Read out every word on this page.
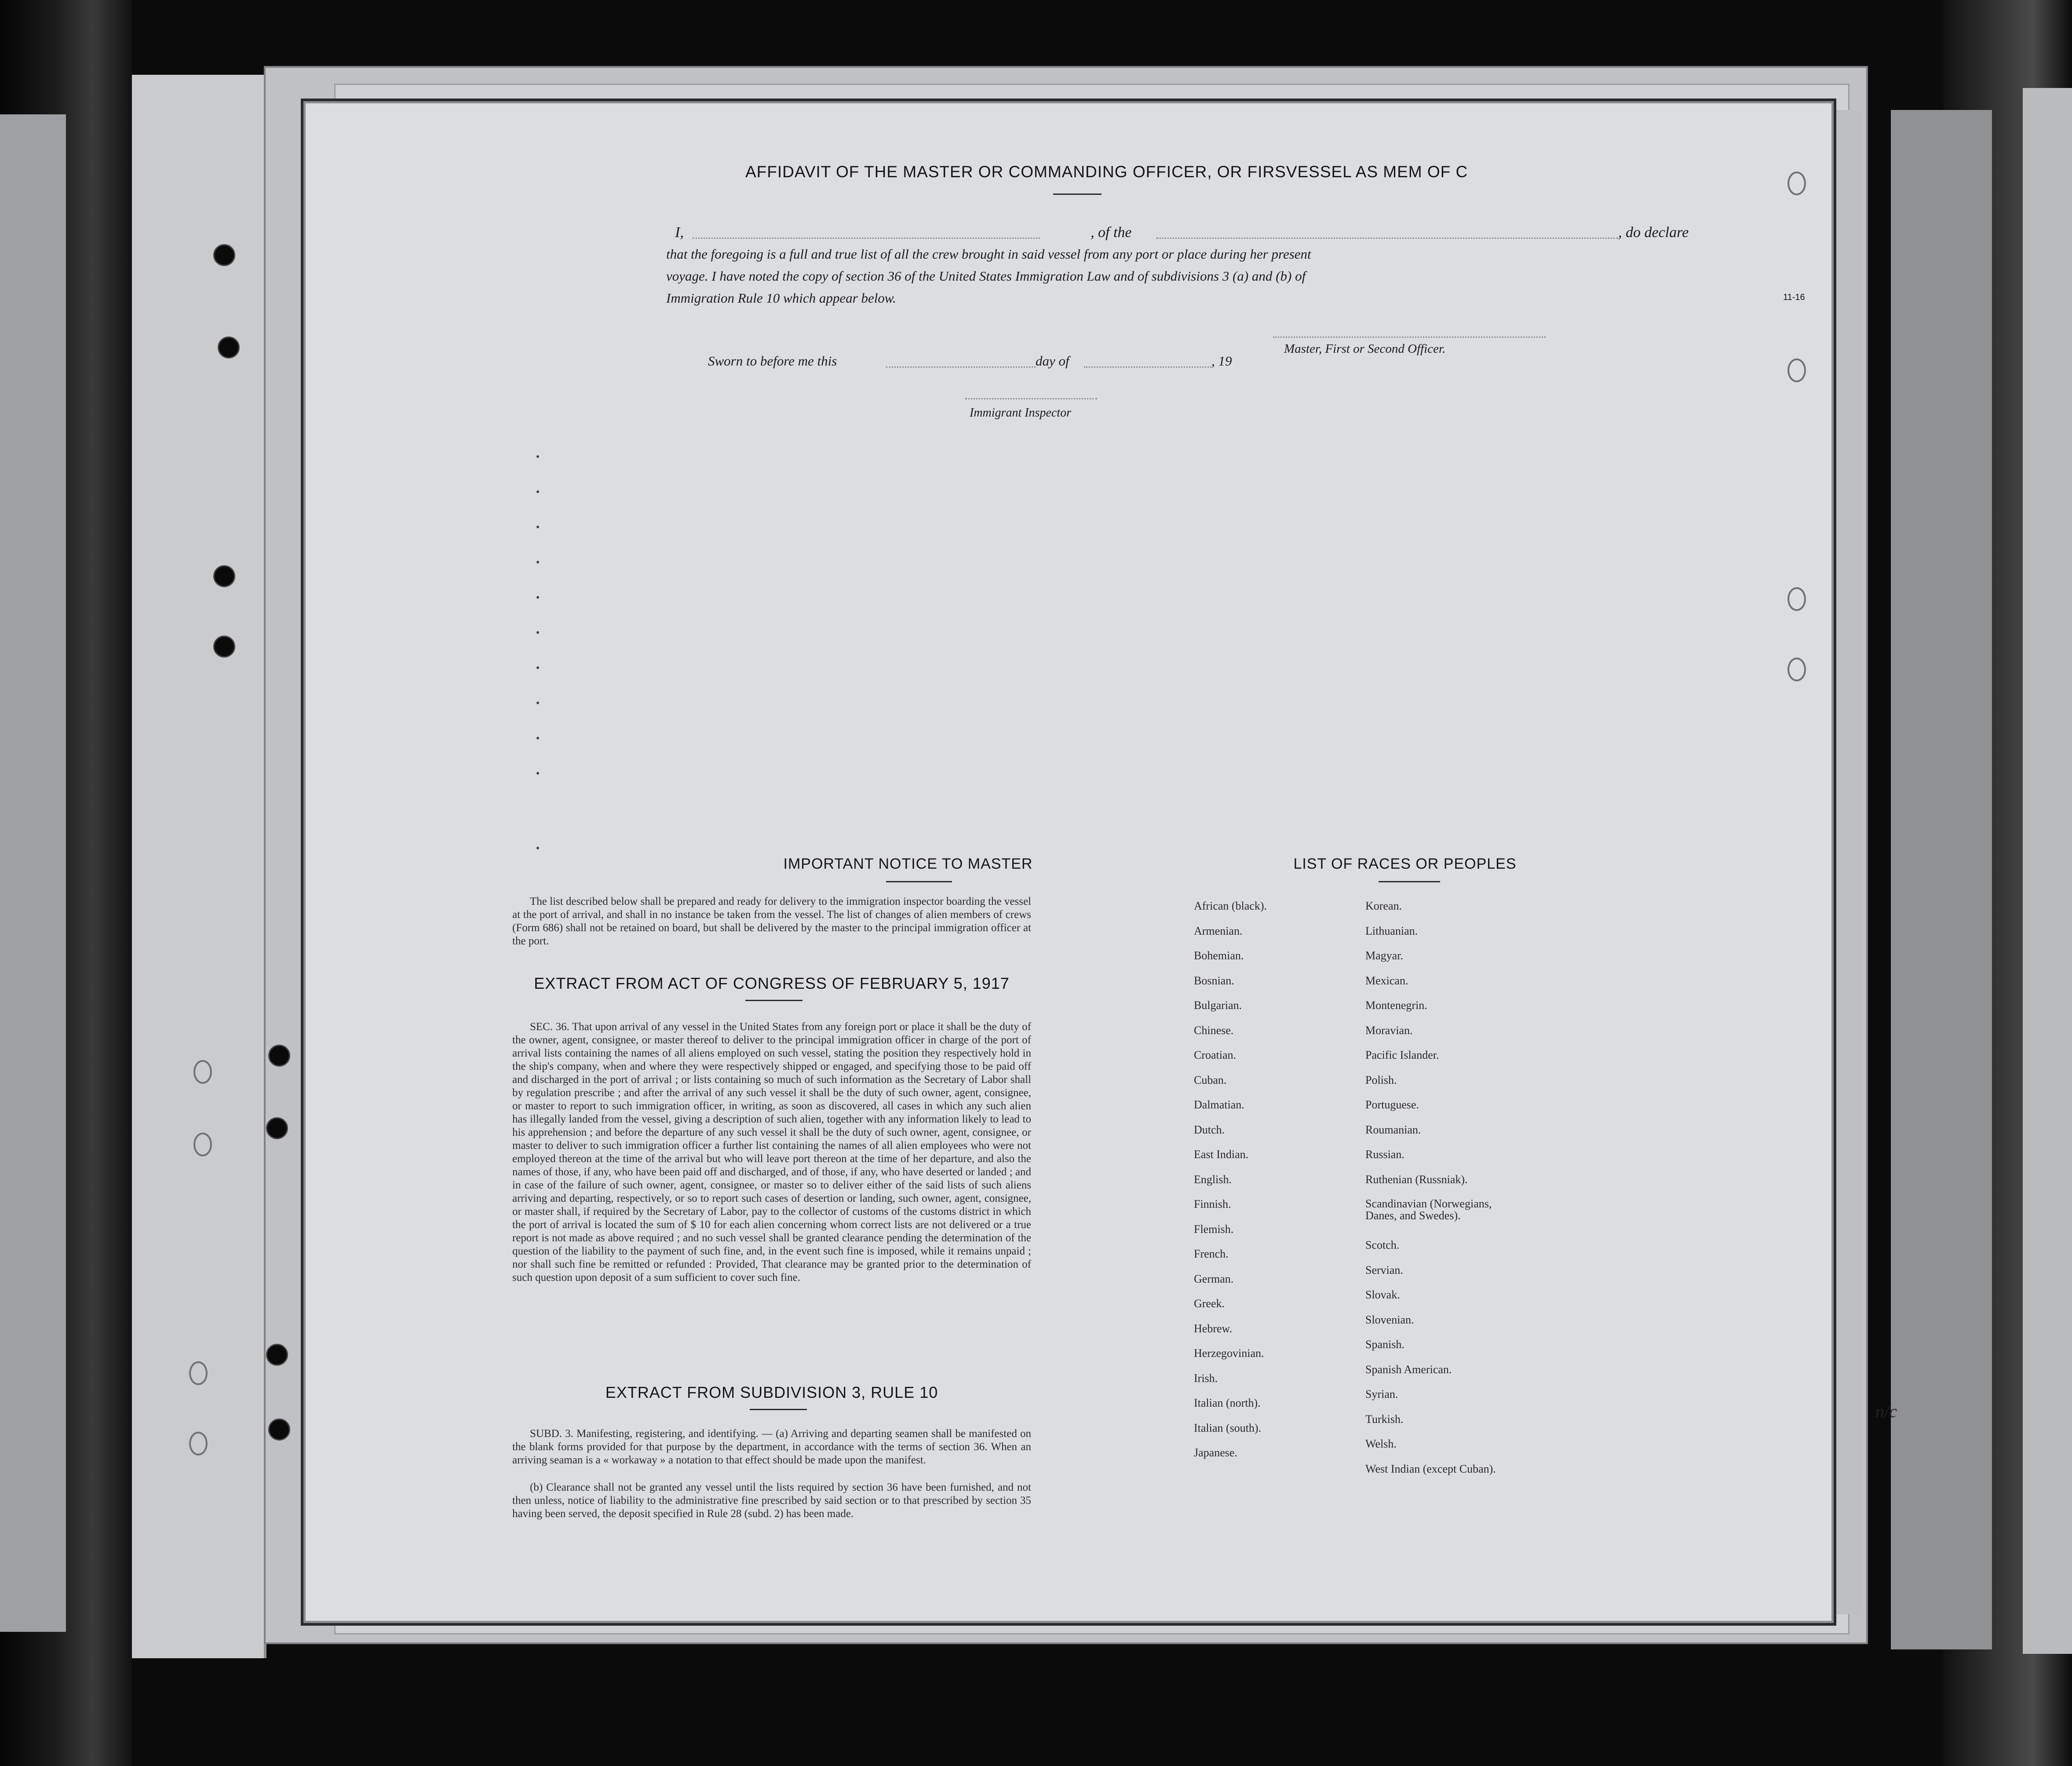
AFFIDAVIT OF THE MASTER OR COMMANDING OFFICER, OR FIRSVESSEL AS MEM OF C
I,	, of the	, do declare
that the foregoing is a full and true list of all the crew brought in said vessel from any port or place during her present
voyage. I have noted the copy of section 36 of the United States Immigration Law and of subdivisions 3 (a) and (b) of
Immigration Rule 10 which appear below.
Master, First or Second Officer.
Sworn to before me this	day of	, 19
Immigrant Inspector
11-16
IMPORTANT NOTICE TO MASTER
The list described below shall be prepared and ready for delivery to the immigration inspector boarding the vessel at the port of arrival, and shall in no instance be taken from the vessel. The list of changes of alien members of crews (Form 686) shall not be retained on board, but shall be delivered by the master to the principal immigration officer at the port.
EXTRACT FROM ACT OF CONGRESS OF FEBRUARY 5, 1917
SEC. 36. That upon arrival of any vessel in the United States from any foreign port or place it shall be the duty of the owner, agent, consignee, or master thereof to deliver to the principal immigration officer in charge of the port of arrival lists containing the names of all aliens employed on such vessel, stating the position they respectively hold in the ship's company, when and where they were respectively shipped or engaged, and specifying those to be paid off and discharged in the port of arrival ; or lists containing so much of such information as the Secretary of Labor shall by regulation prescribe ; and after the arrival of any such vessel it shall be the duty of such owner, agent, consignee, or master to report to such immigration officer, in writing, as soon as discovered, all cases in which any such alien has illegally landed from the vessel, giving a description of such alien, together with any information likely to lead to his apprehension ; and before the departure of any such vessel it shall be the duty of such owner, agent, consignee, or master to deliver to such immigration officer a further list containing the names of all alien employees who were not employed thereon at the time of the arrival but who will leave port thereon at the time of her departure, and also the names of those, if any, who have been paid off and discharged, and of those, if any, who have deserted or landed ; and in case of the failure of such owner, agent, consignee, or master so to deliver either of the said lists of such aliens arriving and departing, respectively, or so to report such cases of desertion or landing, such owner, agent, consignee, or master shall, if required by the Secretary of Labor, pay to the collector of customs of the customs district in which the port of arrival is located the sum of $ 10 for each alien concerning whom correct lists are not delivered or a true report is not made as above required ; and no such vessel shall be granted clearance pending the determination of the question of the liability to the payment of such fine, and, in the event such fine is imposed, while it remains unpaid ; nor shall such fine be remitted or refunded : Provided, That clearance may be granted prior to the determination of such question upon deposit of a sum sufficient to cover such fine.
EXTRACT FROM SUBDIVISION 3, RULE 10
SUBD. 3. Manifesting, registering, and identifying. — (a) Arriving and departing seamen shall be manifested on the blank forms provided for that purpose by the department, in accordance with the terms of section 36. When an arriving seaman is a « workaway » a notation to that effect should be made upon the manifest.
(b) Clearance shall not be granted any vessel until the lists required by section 36 have been furnished, and not then unless, notice of liability to the administrative fine prescribed by said section or to that prescribed by section 35 having been served, the deposit specified in Rule 28 (subd. 2) has been made.
LIST OF RACES OR PEOPLES
n/c
African (black).
Armenian.
Bohemian.
Bosnian.
Bulgarian.
Chinese.
Croatian.
Cuban.
Dalmatian.
Dutch.
East Indian.
English.
Finnish.
Flemish.
French.
German.
Greek.
Hebrew.
Herzegovinian.
Irish.
Italian (north).
Italian (south).
Japanese.
Korean.
Lithuanian.
Magyar.
Mexican.
Montenegrin.
Moravian.
Pacific Islander.
Polish.
Portuguese.
Roumanian.
Russian.
Ruthenian (Russniak).
Scandinavian (Norwegians, Danes, and Swedes).
Scotch.
Servian.
Slovak.
Slovenian.
Spanish.
Spanish American.
Syrian.
Turkish.
Welsh.
West Indian (except Cuban).
